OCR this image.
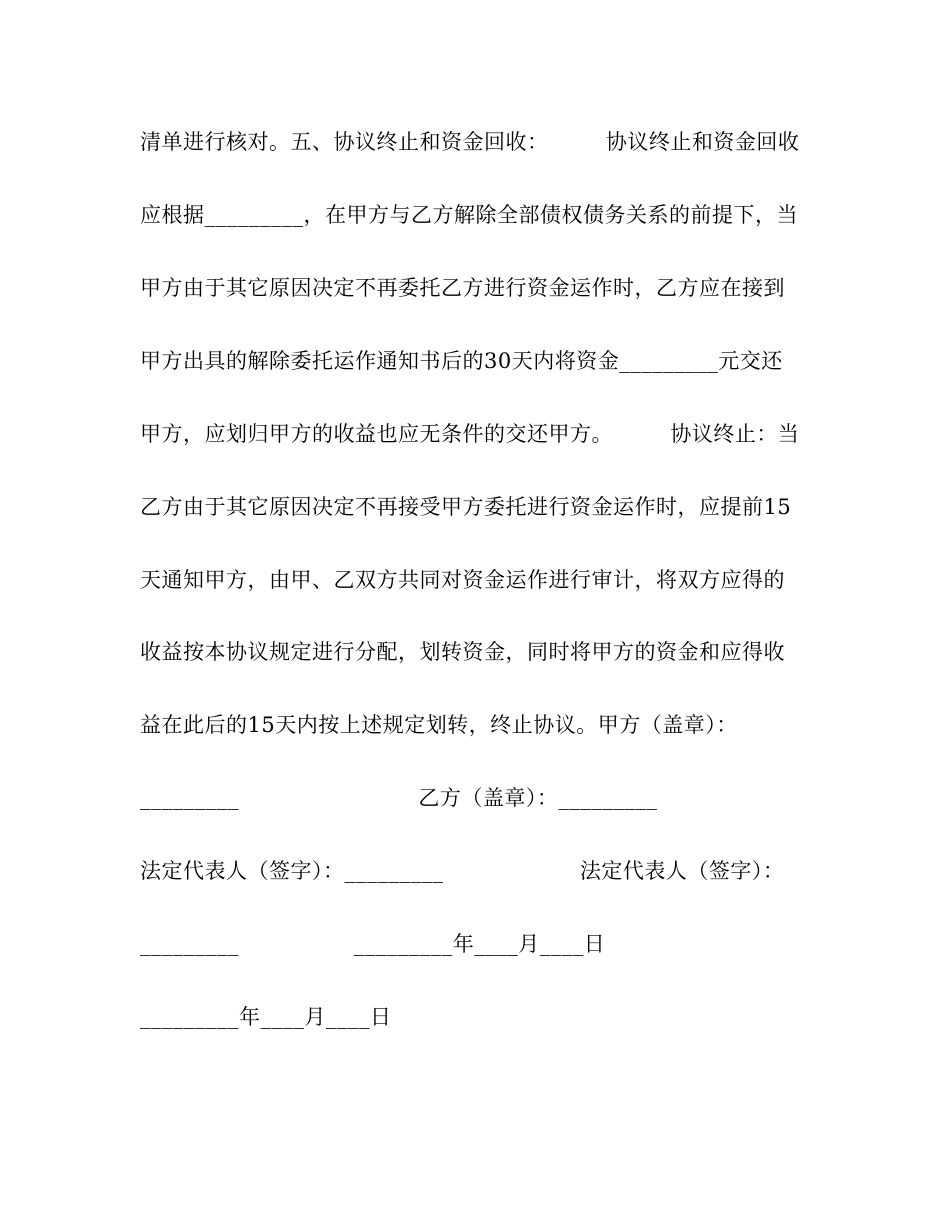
清单进行核对。五、协议终止和资金回收：        协议终止和资金回收
应根据_________，在甲方与乙方解除全部债权债务关系的前提下，当
甲方由于其它原因决定不再委托乙方进行资金运作时，乙方应在接到
甲方出具的解除委托运作通知书后的30天内将资金_________元交还
甲方，应划归甲方的收益也应无条件的交还甲方。        协议终止：当
乙方由于其它原因决定不再接受甲方委托进行资金运作时，应提前15
天通知甲方，由甲、乙双方共同对资金运作进行审计，将双方应得的
收益按本协议规定进行分配，划转资金，同时将甲方的资金和应得收
益在此后的15天内按上述规定划转，终止协议。甲方（盖章）：
_________                         乙方（盖章）：_________
法定代表人（签字）：_________                   法定代表人（签字）：
_________                _________年____月____日
_________年____月____日
